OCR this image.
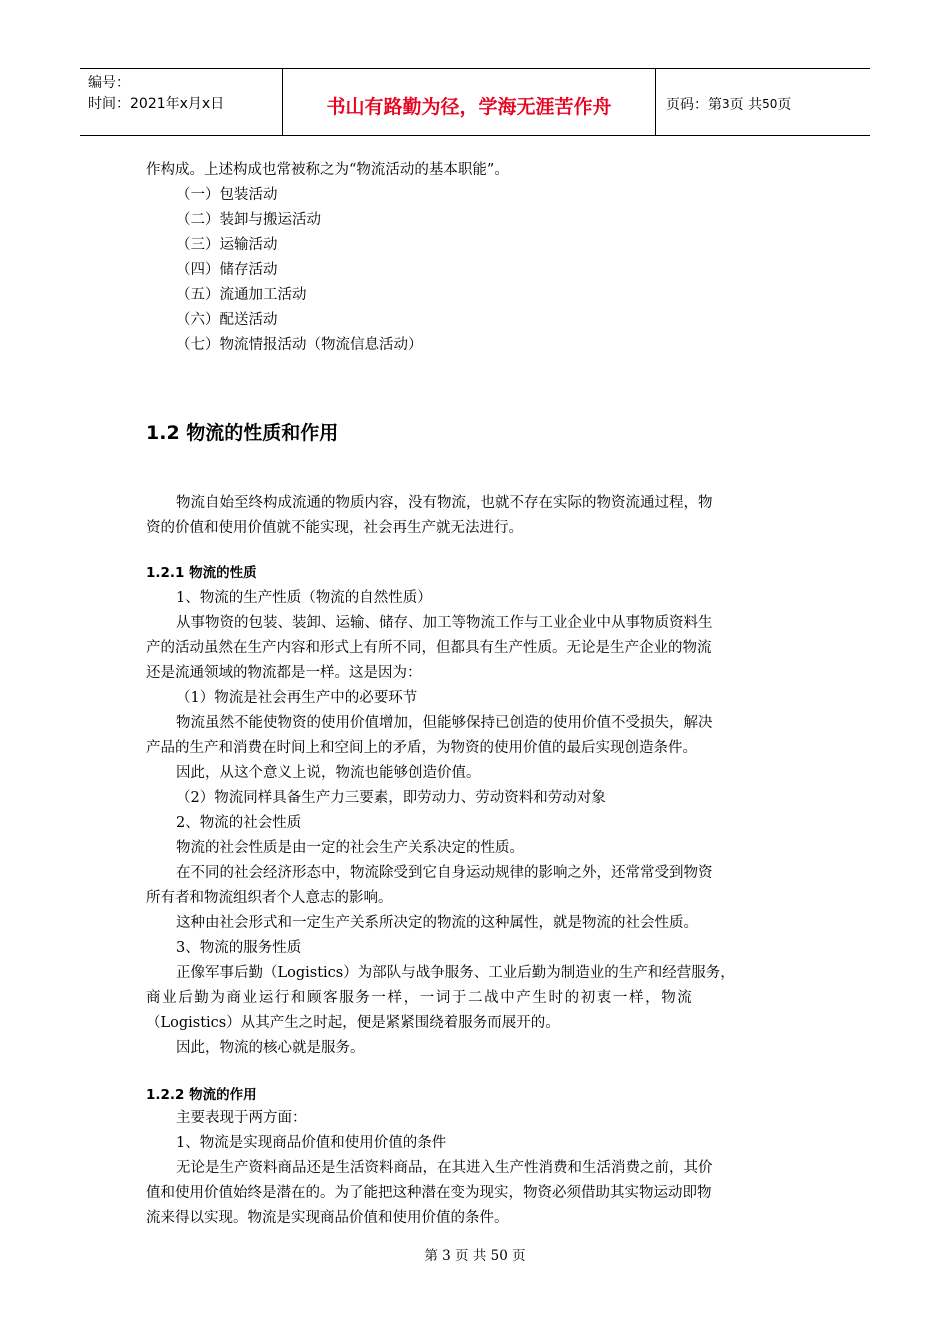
编号：
时间：2021年x月x日	书山有路勤为径，学海无涯苦作舟	页码：第 3 页 共 50 页

作构成。上述构成也常被称之为“物流活动的基本职能”。

（一）包装活动

（二）装卸与搬运活动

（三）运输活动

（四）储存活动

（五）流通加工活动

（六）配送活动

（七）物流情报活动（物流信息活动）

1.2 物流的性质和作用

物流自始至终构成流通的物质内容，没有物流，也就不存在实际的物资流通过程，物

资的价值和使用价值就不能实现，社会再生产就无法进行。

1.2.1 物流的性质

1、物流的生产性质（物流的自然性质）

从事物资的包装、装卸、运输、储存、加工等物流工作与工业企业中从事物质资料生

产的活动虽然在生产内容和形式上有所不同，但都具有生产性质。无论是生产企业的物流

还是流通领域的物流都是一样。这是因为：

（1）物流是社会再生产中的必要环节

物流虽然不能使物资的使用价值增加，但能够保持已创造的使用价值不受损失，解决

产品的生产和消费在时间上和空间上的矛盾，为物资的使用价值的最后实现创造条件。

因此，从这个意义上说，物流也能够创造价值。

（2）物流同样具备生产力三要素，即劳动力、劳动资料和劳动对象

2、物流的社会性质

物流的社会性质是由一定的社会生产关系决定的性质。

在不同的社会经济形态中，物流除受到它自身运动规律的影响之外，还常常受到物资

所有者和物流组织者个人意志的影响。

这种由社会形式和一定生产关系所决定的物流的这种属性，就是物流的社会性质。

3、物流的服务性质

正像军事后勤（Logistics）为部队与战争服务、工业后勤为制造业的生产和经营服务，

商业后勤为商业运行和顾客服务一样，一词于二战中产生时的初衷一样，物流

（Logistics）从其产生之时起，便是紧紧围绕着服务而展开的。

因此，物流的核心就是服务。

1.2.2 物流的作用

主要表现于两方面：

1、物流是实现商品价值和使用价值的条件

无论是生产资料商品还是生活资料商品，在其进入生产性消费和生活消费之前，其价

值和使用价值始终是潜在的。为了能把这种潜在变为现实，物资必须借助其实物运动即物

流来得以实现。物流是实现商品价值和使用价值的条件。

第 3 页 共 50 页
